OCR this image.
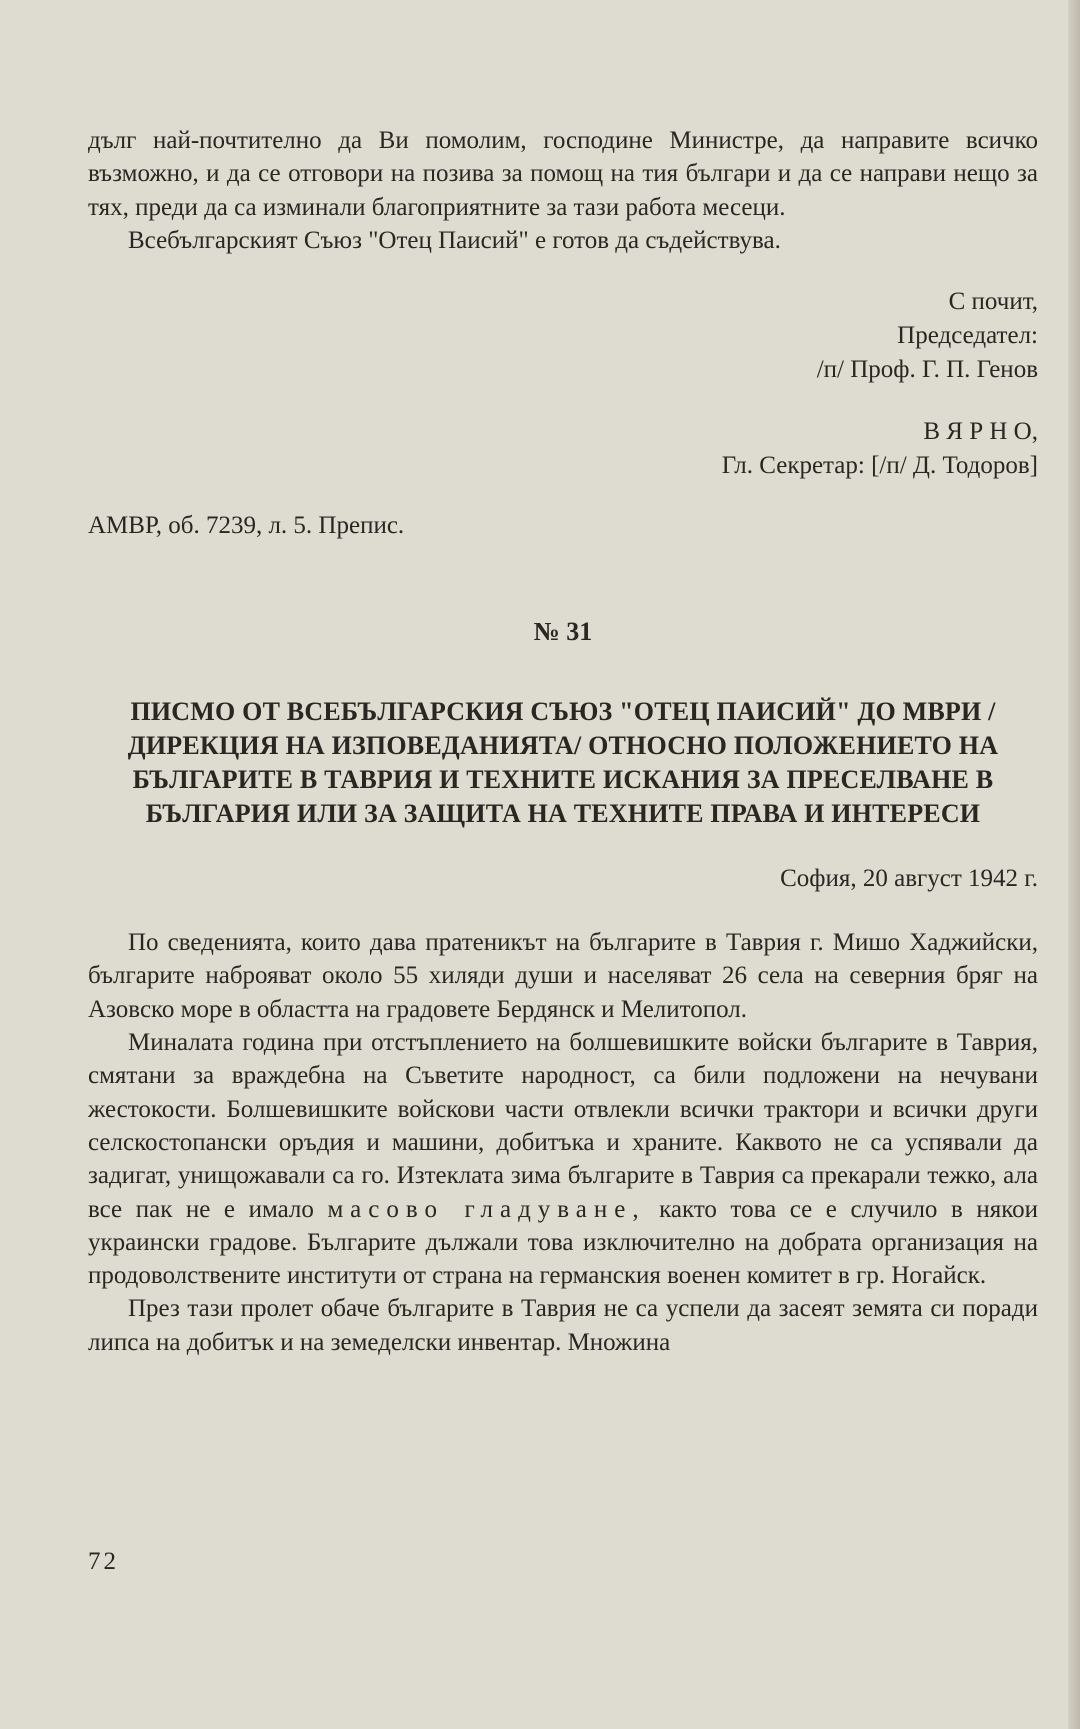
дълг най-почтително да Ви помолим, господине Министре, да направите всичко възможно, и да се отговори на позива за помощ на тия българи и да се направи нещо за тях, преди да са изминали благоприятните за тази работа месеци.

Всебългарският Съюз "Отец Паисий" е готов да съдействува.

С почит,

Председател:

/п/ Проф. Г. П. Генов

В Я Р Н О,

Гл. Секретар: [/п/ Д. Тодоров]

АМВР, об. 7239, л. 5. Препис.

№ 31

ПИСМО ОТ ВСЕБЪЛГАРСКИЯ СЪЮЗ "ОТЕЦ ПАИСИЙ" ДО МВРИ /ДИРЕКЦИЯ НА ИЗПОВЕДАНИЯТА/ ОТНОСНО ПОЛОЖЕНИЕТО НА БЪЛГАРИТЕ В ТАВРИЯ И ТЕХНИТЕ ИСКАНИЯ ЗА ПРЕСЕЛВАНЕ В БЪЛГАРИЯ ИЛИ ЗА ЗАЩИТА НА ТЕХНИТЕ ПРАВА И ИНТЕРЕСИ

София, 20 август 1942 г.

По сведенията, които дава пратеникът на българите в Таврия г. Мишо Хаджийски, българите наброяват около 55 хиляди души и населяват 26 села на северния бряг на Азовско море в областта на градовете Бердянск и Мелитопол.

Миналата година при отстъплението на болшевишките войски българите в Таврия, смятани за враждебна на Съветите народност, са били подложени на нечувани жестокости. Болшевишките войскови части отвлекли всички трактори и всички други селскостопански оръдия и машини, добитъка и храните. Каквото не са успявали да задигат, унищожавали са го. Изтеклата зима българите в Таврия са прекарали тежко, ала все пак не е имало масово гладуване, както това се е случило в някои украински градове. Българите дължали това изключително на добрата организация на продоволствените институти от страна на германския военен комитет в гр. Ногайск.

През тази пролет обаче българите в Таврия не са успели да засеят земята си поради липса на добитък и на земеделски инвентар. Множина

72
